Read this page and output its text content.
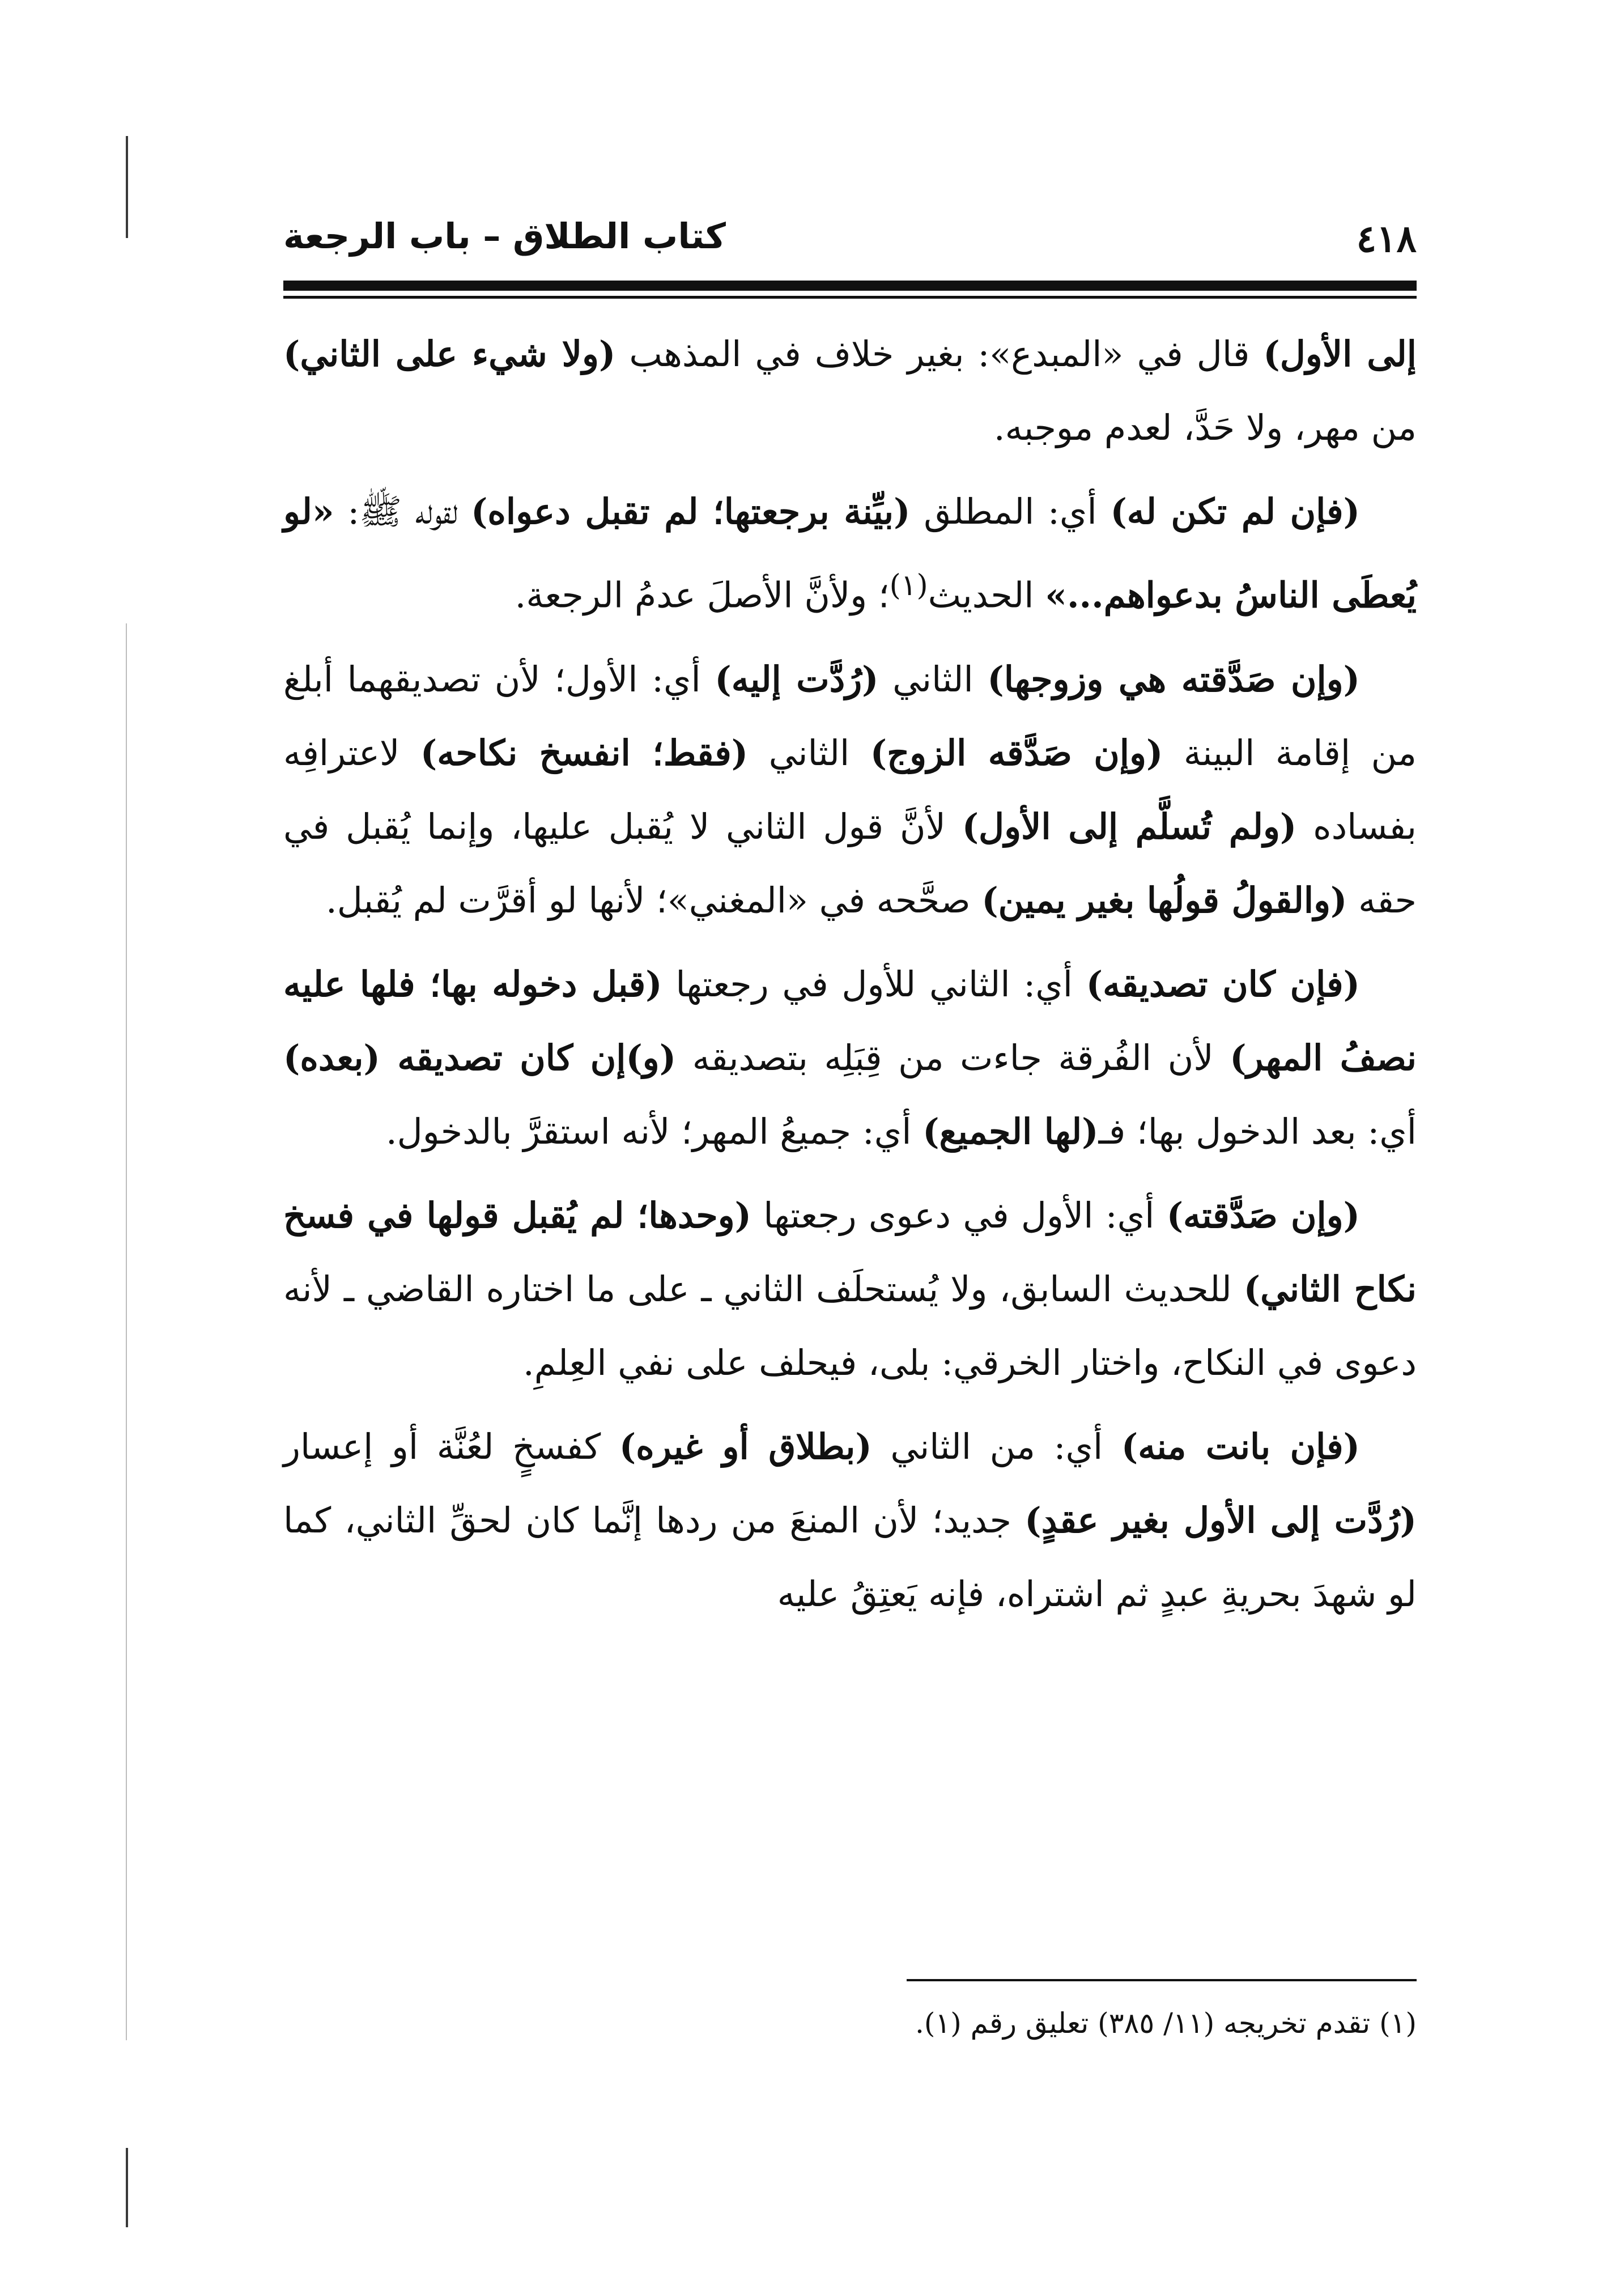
٤١٨
كتاب الطلاق – باب الرجعة

إلى الأول) قال في «المبدع»: بغير خلاف في المذهب (ولا شيء على الثاني) من مهر، ولا حَدَّ، لعدم موجبه.

(فإن لم تكن له) أي: المطلق (بيِّنة برجعتها؛ لم تقبل دعواه) لقوله ﷺ: «لو يُعطَى الناسُ بدعواهم...» الحديث$^{(١)}$؛ ولأنَّ الأصلَ عدمُ الرجعة.

(وإن صَدَّقته هي وزوجها) الثاني (رُدَّت إليه) أي: الأول؛ لأن تصديقهما أبلغ من إقامة البينة (وإن صَدَّقه الزوج) الثاني (فقط؛ انفسخ نكاحه) لاعترافِه بفساده (ولم تُسلَّم إلى الأول) لأنَّ قول الثاني لا يُقبل عليها، وإنما يُقبل في حقه (والقولُ قولُها بغير يمين) صحَّحه في «المغني»؛ لأنها لو أقرَّت لم يُقبل.

(فإن كان تصديقه) أي: الثاني للأول في رجعتها (قبل دخوله بها؛ فلها عليه نصفُ المهر) لأن الفُرقة جاءت من قِبَلِه بتصديقه (و)إن كان تصديقه (بعده) أي: بعد الدخول بها؛ فـ(لها الجميع) أي: جميعُ المهر؛ لأنه استقرَّ بالدخول.

(وإن صَدَّقته) أي: الأول في دعوى رجعتها (وحدها؛ لم يُقبل قولها في فسخ نكاح الثاني) للحديث السابق، ولا يُستحلَف الثاني ـ على ما اختاره القاضي ـ لأنه دعوى في النكاح، واختار الخرقي: بلى، فيحلف على نفي العِلمِ.

(فإن بانت منه) أي: من الثاني (بطلاق أو غيره) كفسخٍ لعُنَّة أو إعسار (رُدَّت إلى الأول بغير عقدٍ) جديد؛ لأن المنعَ من ردها إنَّما كان لحقِّ الثاني، كما لو شهدَ بحريةِ عبدٍ ثم اشتراه، فإنه يَعتِقُ عليه

(١) تقدم تخريجه (١١/ ٣٨٥) تعليق رقم (١).
